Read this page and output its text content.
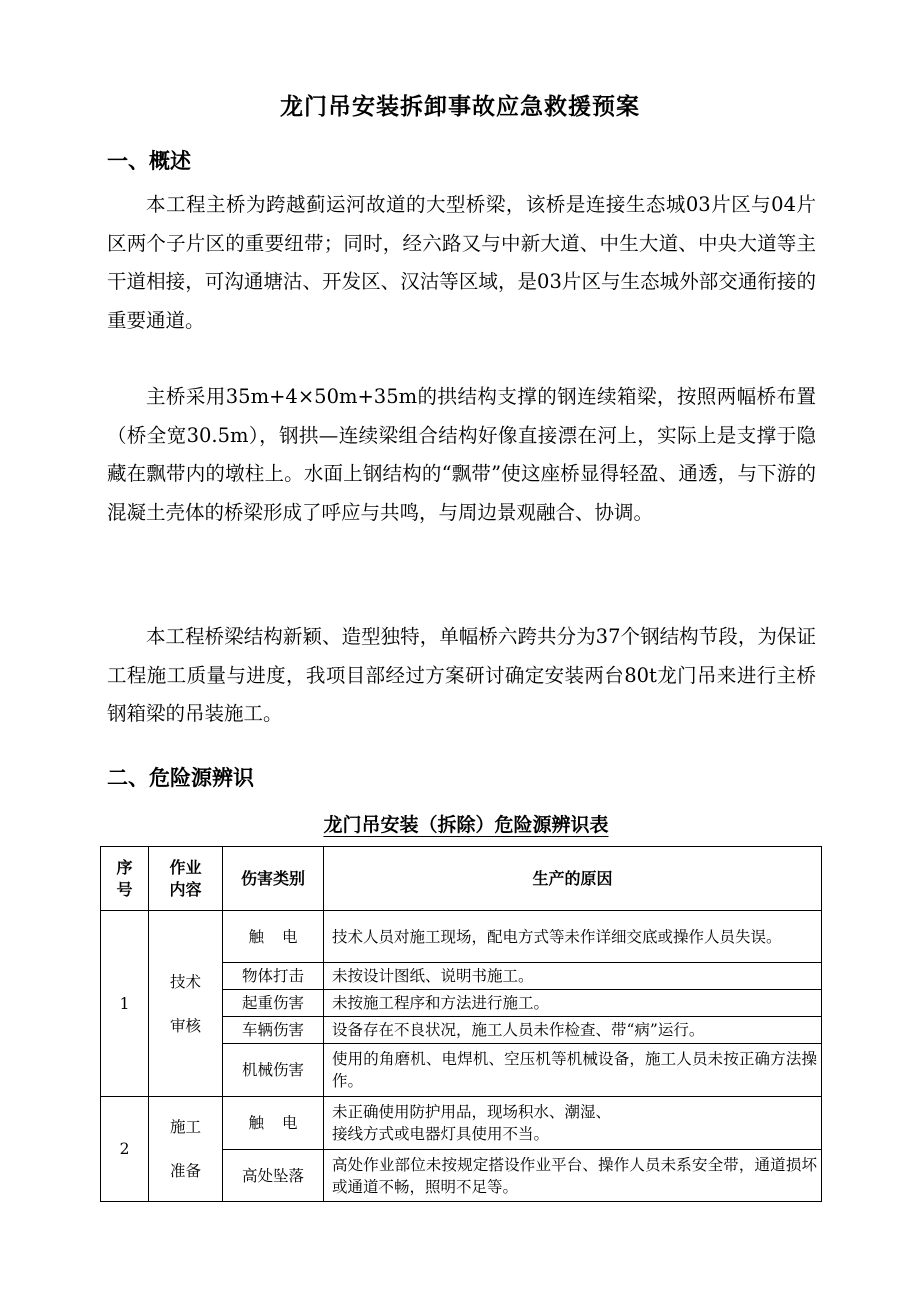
龙门吊安装拆卸事故应急救援预案
一、概述
本工程主桥为跨越蓟运河故道的大型桥梁，该桥是连接生态城03片区与04片区两个子片区的重要纽带；同时，经六路又与中新大道、中生大道、中央大道等主干道相接，可沟通塘沽、开发区、汉沽等区域，是03片区与生态城外部交通衔接的重要通道。
主桥采用35m+4×50m+35m的拱结构支撑的钢连续箱梁，按照两幅桥布置（桥全宽30.5m），钢拱—连续梁组合结构好像直接漂在河上，实际上是支撑于隐藏在飘带内的墩柱上。水面上钢结构的“飘带”使这座桥显得轻盈、通透，与下游的混凝土壳体的桥梁形成了呼应与共鸣，与周边景观融合、协调。
本工程桥梁结构新颖、造型独特，单幅桥六跨共分为37个钢结构节段，为保证工程施工质量与进度，我项目部经过方案研讨确定安装两台80t龙门吊来进行主桥钢箱梁的吊装施工。
二、危险源辨识
龙门吊安装（拆除）危险源辨识表
序号	作业内容	伤害类别	生产的原因
1	技术审核	触电	技术人员对施工现场，配电方式等未作详细交底或操作人员失误。
		物体打击	未按设计图纸、说明书施工。
		起重伤害	未按施工程序和方法进行施工。
		车辆伤害	设备存在不良状况，施工人员未作检查、带“病”运行。
		机械伤害	使用的角磨机、电焊机、空压机等机械设备，施工人员未按正确方法操作。
2	施工准备	触电	未正确使用防护用品，现场积水、潮湿、
接线方式或电器灯具使用不当。
		高处坠落	高处作业部位未按规定搭设作业平台、操作人员未系安全带，通道损坏或通道不畅，照明不足等。
